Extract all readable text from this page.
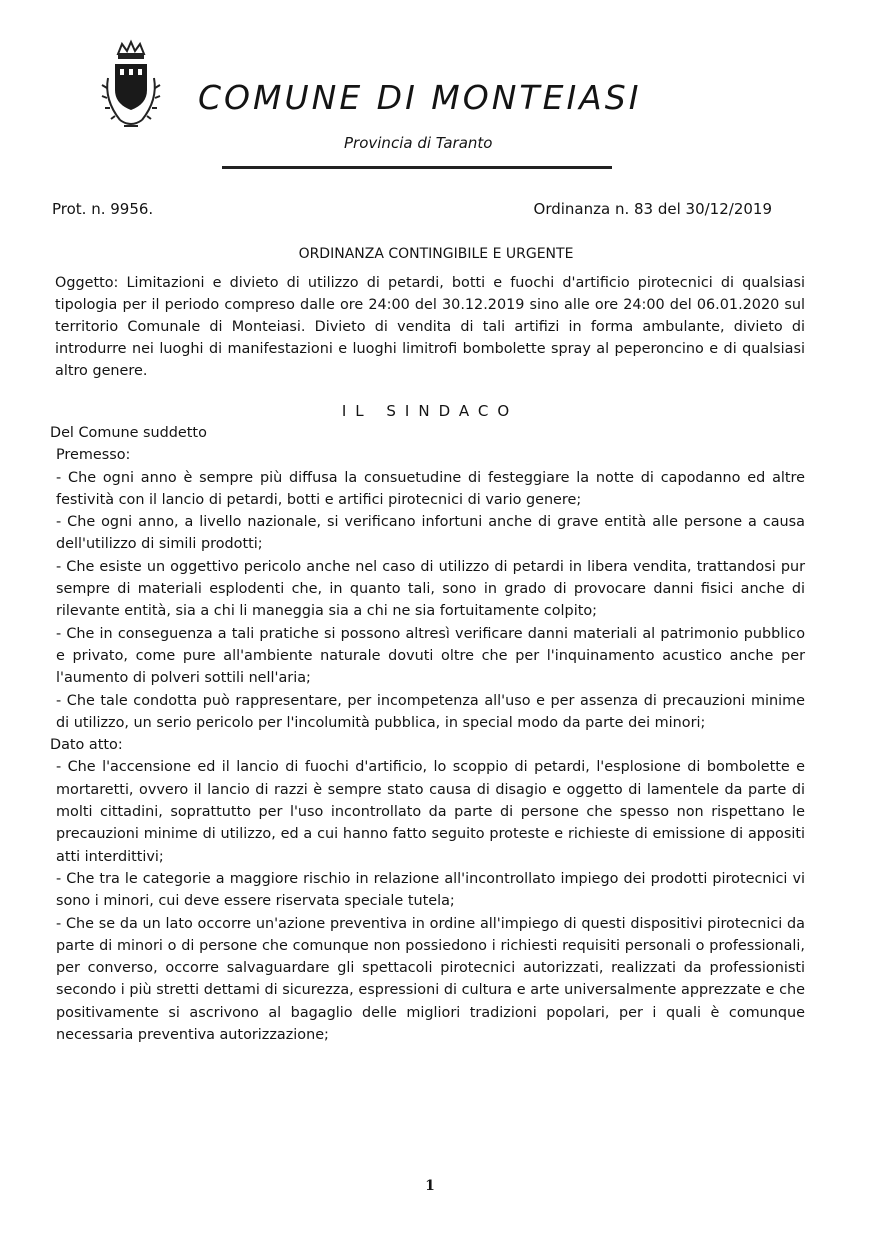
COMUNE DI MONTEIASI
Provincia di Taranto
Prot. n. 9956.	Ordinanza n. 83 del 30/12/2019
ORDINANZA CONTINGIBILE E URGENTE
Oggetto: Limitazioni e divieto di utilizzo di petardi, botti e fuochi d'artificio pirotecnici di qualsiasi tipologia per il periodo compreso dalle ore 24:00 del 30.12.2019 sino alle ore 24:00 del 06.01.2020 sul territorio Comunale di Monteiasi. Divieto di vendita di tali artifizi in forma ambulante, divieto di introdurre nei luoghi di manifestazioni e luoghi limitrofi bombolette spray al peperoncino e di qualsiasi altro genere.
IL SINDACO

Del Comune suddetto

Premesso:

- Che ogni anno è sempre più diffusa la consuetudine di festeggiare la notte di capodanno ed altre festività con il lancio di petardi, botti e artifici pirotecnici di vario genere;

- Che ogni anno, a livello nazionale, si verificano infortuni anche di grave entità alle persone a causa dell'utilizzo di simili prodotti;

- Che esiste un oggettivo pericolo anche nel caso di utilizzo di petardi in libera vendita, trattandosi pur sempre di materiali esplodenti che, in quanto tali, sono in grado di provocare danni fisici anche di rilevante entità, sia a chi li maneggia sia a chi ne sia fortuitamente colpito;

- Che in conseguenza a tali pratiche si possono altresì verificare danni materiali al patrimonio pubblico e privato, come pure all'ambiente naturale dovuti oltre che per l'inquinamento acustico anche per l'aumento di polveri sottili nell'aria;

- Che tale condotta può rappresentare, per incompetenza all'uso e per assenza di precauzioni minime di utilizzo, un serio pericolo per l'incolumità pubblica, in special modo da parte dei minori;

Dato atto:

- Che l'accensione ed il lancio di fuochi d'artificio, lo scoppio di petardi, l'esplosione di bombolette e mortaretti, ovvero il lancio di razzi è sempre stato causa di disagio e oggetto di lamentele da parte di molti cittadini, soprattutto per l'uso incontrollato da parte di persone che spesso non rispettano le precauzioni minime di utilizzo, ed a cui hanno fatto seguito proteste e richieste di emissione di appositi atti interdittivi;

- Che tra le categorie a maggiore rischio in relazione all'incontrollato impiego dei prodotti pirotecnici vi sono i minori, cui deve essere riservata speciale tutela;

- Che se da un lato occorre un'azione preventiva in ordine all'impiego di questi dispositivi pirotecnici da parte di minori o di persone che comunque non possiedono i richiesti requisiti personali o professionali, per converso, occorre salvaguardare gli spettacoli pirotecnici autorizzati, realizzati da professionisti secondo i più stretti dettami di sicurezza, espressioni di cultura e arte universalmente apprezzate e che positivamente si ascrivono al bagaglio delle migliori tradizioni popolari, per i quali è comunque necessaria preventiva autorizzazione;

1
